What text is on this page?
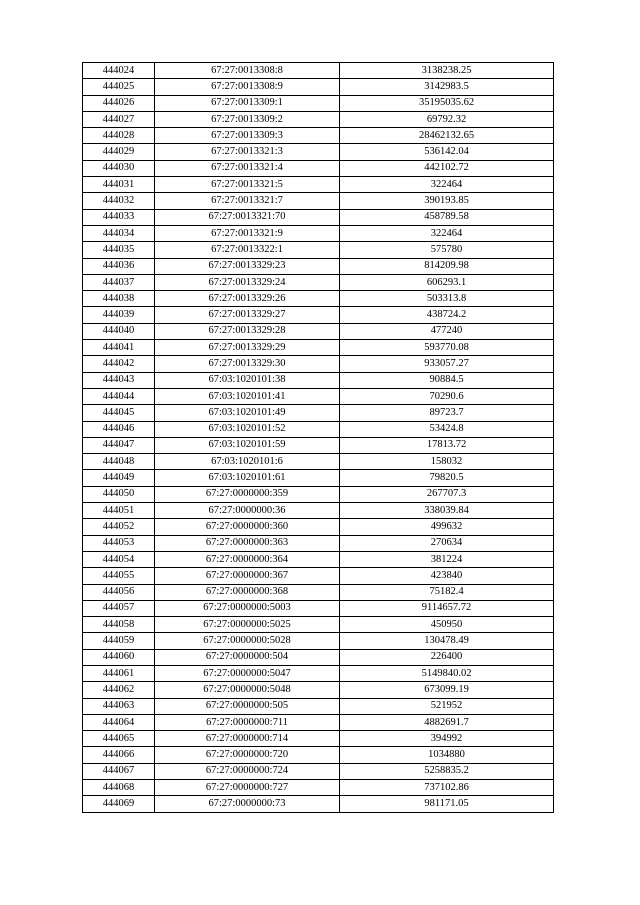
444024	67:27:0013308:8	3138238.25
444025	67:27:0013308:9	3142983.5
444026	67:27:0013309:1	35195035.62
444027	67:27:0013309:2	69792.32
444028	67:27:0013309:3	28462132.65
444029	67:27:0013321:3	536142.04
444030	67:27:0013321:4	442102.72
444031	67:27:0013321:5	322464
444032	67:27:0013321:7	390193.85
444033	67:27:0013321:70	458789.58
444034	67:27:0013321:9	322464
444035	67:27:0013322:1	575780
444036	67:27:0013329:23	814209.98
444037	67:27:0013329:24	606293.1
444038	67:27:0013329:26	503313.8
444039	67:27:0013329:27	438724.2
444040	67:27:0013329:28	477240
444041	67:27:0013329:29	593770.08
444042	67:27:0013329:30	933057.27
444043	67:03:1020101:38	90884.5
444044	67:03:1020101:41	70290.6
444045	67:03:1020101:49	89723.7
444046	67:03:1020101:52	53424.8
444047	67:03:1020101:59	17813.72
444048	67:03:1020101:6	158032
444049	67:03:1020101:61	79820.5
444050	67:27:0000000:359	267707.3
444051	67:27:0000000:36	338039.84
444052	67:27:0000000:360	499632
444053	67:27:0000000:363	270634
444054	67:27:0000000:364	381224
444055	67:27:0000000:367	423840
444056	67:27:0000000:368	75182.4
444057	67:27:0000000:5003	9114657.72
444058	67:27:0000000:5025	450950
444059	67:27:0000000:5028	130478.49
444060	67:27:0000000:504	226400
444061	67:27:0000000:5047	5149840.02
444062	67:27:0000000:5048	673099.19
444063	67:27:0000000:505	521952
444064	67:27:0000000:711	4882691.7
444065	67:27:0000000:714	394992
444066	67:27:0000000:720	1034880
444067	67:27:0000000:724	5258835.2
444068	67:27:0000000:727	737102.86
444069	67:27:0000000:73	981171.05
